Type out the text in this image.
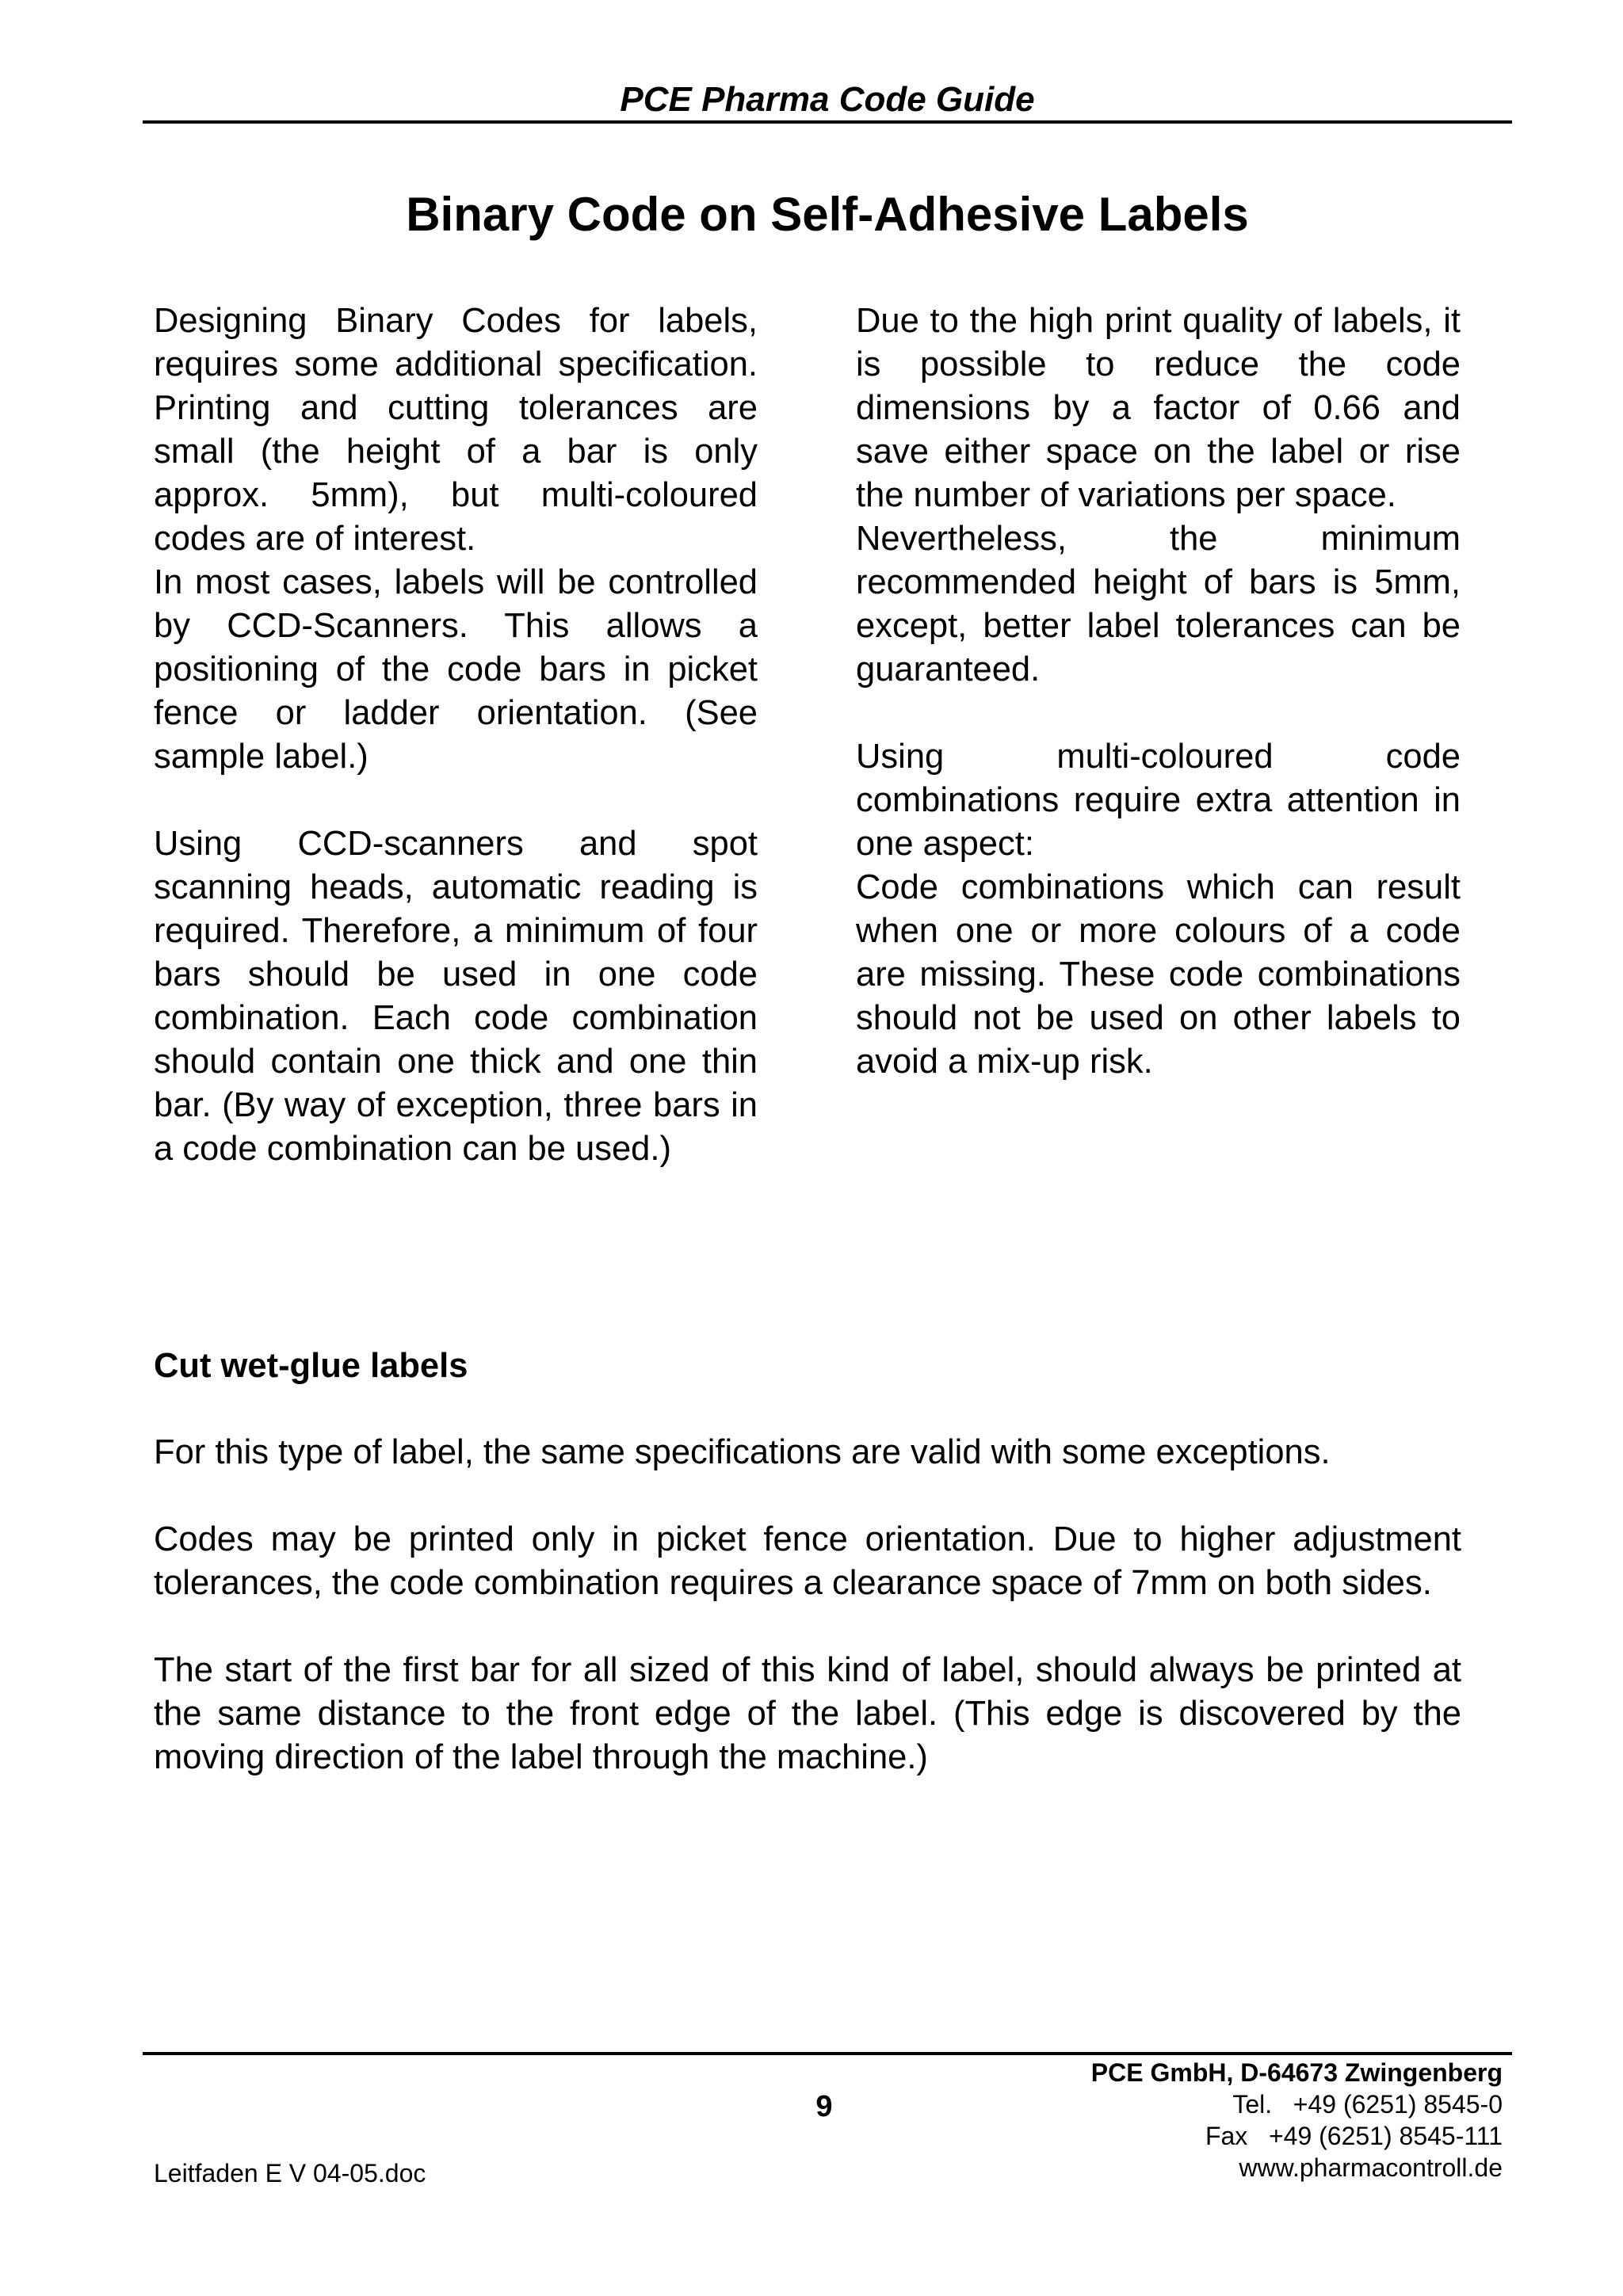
PCE Pharma Code Guide
Binary Code on Self-Adhesive Labels

Designing Binary Codes for labels, requires some additional specification. Printing and cutting tolerances are small (the height of a bar is only approx. 5mm), but multi-coloured codes are of interest.

In most cases, labels will be controlled by CCD-Scanners. This allows a positioning of the code bars in picket fence or ladder orientation. (See sample label.)

Using CCD-scanners and spot scanning heads, automatic reading is required. Therefore, a minimum of four bars should be used in one code combination. Each code combination should contain one thick and one thin bar. (By way of exception, three bars in a code combination can be used.)

Due to the high print quality of labels, it is possible to reduce the code dimensions by a factor of 0.66 and save either space on the label or rise the number of variations per space.

Nevertheless, the minimum recommended height of bars is 5mm, except, better label tolerances can be guaranteed.

Using multi-coloured code combinations require extra attention in one aspect:

Code combinations which can result when one or more colours of a code are missing. These code combinations should not be used on other labels to avoid a mix-up risk.

Cut wet-glue labels

For this type of label, the same specifications are valid with some exceptions.

Codes may be printed only in picket fence orientation. Due to higher adjustment tolerances, the code combination requires a clearance space of 7mm on both sides.

The start of the first bar for all sized of this kind of label, should always be printed at the same distance to the front edge of the label. (This edge is discovered by the moving direction of the label through the machine.)

9
Leitfaden E V 04-05.doc
PCE GmbH, D-64673 Zwingenberg
Tel.   +49 (6251) 8545-0
Fax   +49 (6251) 8545-111
www.pharmacontroll.de
